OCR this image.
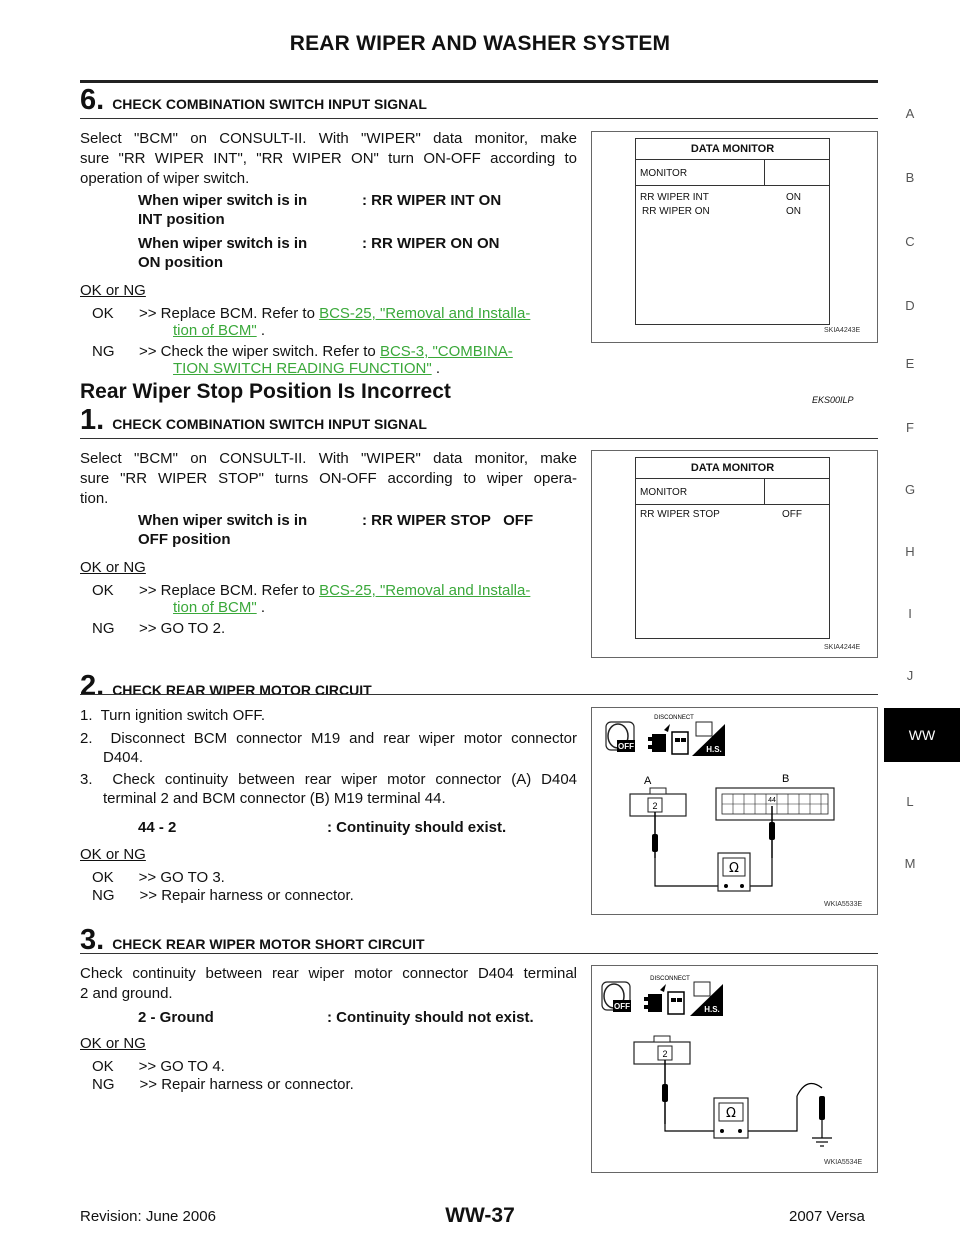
REAR WIPER AND WASHER SYSTEM
A
B
C
D
E
F
G
H
I
J
WW
L
M
6. CHECK COMBINATION SWITCH INPUT SIGNAL
Select "BCM" on CONSULT-II. With "WIPER" data monitor, make
sure "RR WIPER INT", "RR WIPER ON" turn ON-OFF according to
operation of wiper switch.
When wiper switch is in
INT position
: RR WIPER INT ON
When wiper switch is in
ON position
: RR WIPER ON ON
OK or NG
OK >> Replace BCM. Refer to BCS-25, "Removal and Installa-
tion of BCM" .
NG >> Check the wiper switch. Refer to BCS-3, "COMBINA-
TION SWITCH READING FUNCTION" .
DATA MONITOR
MONITOR
RR WIPER INT	ON
RR WIPER ON	ON
SKIA4243E
Rear Wiper Stop Position Is Incorrect	EKS00ILP
1. CHECK COMBINATION SWITCH INPUT SIGNAL
Select "BCM" on CONSULT-II. With "WIPER" data monitor, make
sure "RR WIPER STOP" turns ON-OFF according to wiper opera-
tion.
When wiper switch is in
OFF position
: RR WIPER STOP   OFF
OK or NG
OK >> Replace BCM. Refer to BCS-25, "Removal and Installa-
tion of BCM" .
NG >> GO TO 2.
DATA MONITOR
MONITOR
RR WIPER STOP	OFF
SKIA4244E
2. CHECK REAR WIPER MOTOR CIRCUIT
1.  Turn ignition switch OFF.
2.  Disconnect BCM connector M19 and rear wiper motor connector
D404.
3.  Check continuity between rear wiper motor connector (A) D404
terminal 2 and BCM connector (B) M19 terminal 44.
44 - 2	: Continuity should exist.
OK or NG
OK      >> GO TO 3.
NG      >> Repair harness or connector.
OFF
DISCONNECT
H.S.
A
2
B
44
Ω
WKIA5533E
3. CHECK REAR WIPER MOTOR SHORT CIRCUIT
Check continuity between rear wiper motor connector D404 terminal
2 and ground.
2 - Ground	: Continuity should not exist.
OK or NG
OK      >> GO TO 4.
NG      >> Repair harness or connector.
OFF
DISCONNECT
H.S.
2
Ω
WKIA5534E
Revision: June 2006	WW-37	2007 Versa
